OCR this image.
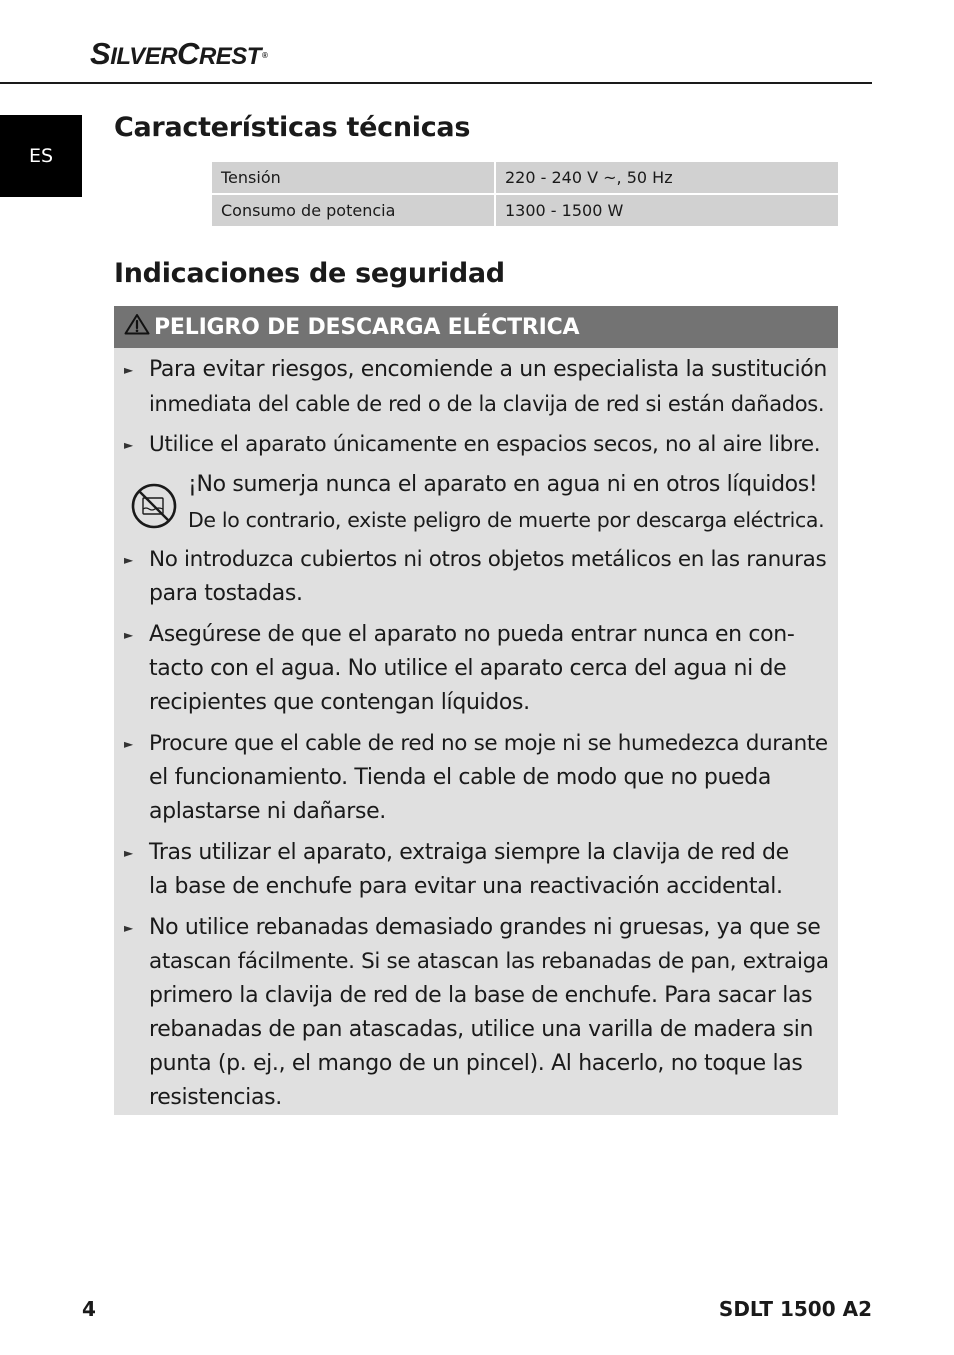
SILVERCREST®
ES
Características técnicas
Tensión	220 - 240 V ~, 50 Hz
Consumo de potencia	1300 - 1500 W
Indicaciones de seguridad
PELIGRO DE DESCARGA ELÉCTRICA
► Para evitar riesgos, encomiende a un especialista la sustitución
inmediata del cable de red o de la clavija de red si están dañados.
► Utilice el aparato únicamente en espacios secos, no al aire libre.
¡No sumerja nunca el aparato en agua ni en otros líquidos!
De lo contrario, existe peligro de muerte por descarga eléctrica.
► No introduzca cubiertos ni otros objetos metálicos en las ranuras
para tostadas.
► Asegúrese de que el aparato no pueda entrar nunca en con-
tacto con el agua. No utilice el aparato cerca del agua ni de
recipientes que contengan líquidos.
► Procure que el cable de red no se moje ni se humedezca durante
el funcionamiento. Tienda el cable de modo que no pueda
aplastarse ni dañarse.
► Tras utilizar el aparato, extraiga siempre la clavija de red de
la base de enchufe para evitar una reactivación accidental.
► No utilice rebanadas demasiado grandes ni gruesas, ya que se
atascan fácilmente. Si se atascan las rebanadas de pan, extraiga
primero la clavija de red de la base de enchufe. Para sacar las
rebanadas de pan atascadas, utilice una varilla de madera sin
punta (p. ej., el mango de un pincel). Al hacerlo, no toque las
resistencias.
4	SDLT 1500 A2
